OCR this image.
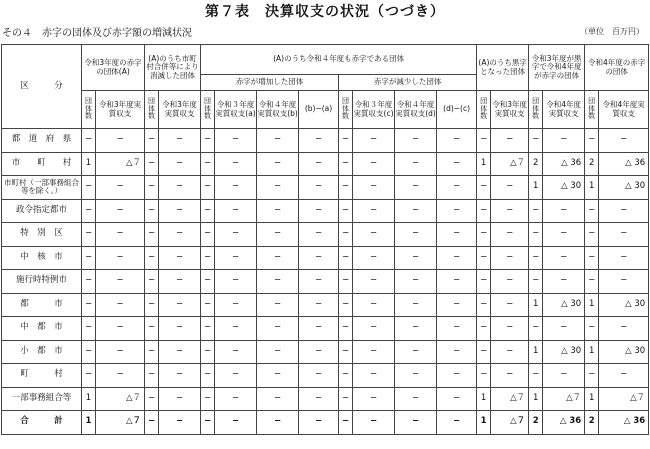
第７表　決算収支の状況（つづき）
その４　赤字の団体及び赤字額の増減状況	（単位　百万円）
区　　　分	令和3年度の赤字の団体(A)		(A)のうち市町村合併等により消滅した団体		(A)のうち令和４年度も赤字である団体								(A)のうち黒字となった団体		令和3年度が黒字で令和4年度が赤字の団体		令和4年度の赤字の団体	
					赤字が増加した団体				赤字が減少した団体									
	団体数	令和3年度実質収支	団体数	令和3年度実質収支	団体数	令和３年度実質収支(a)	令和４年度実質収支(b)	(b)−(a)	団体数	令和３年度実質収支(c)	令和４年度実質収支(d)	(d)−(c)	団体数	令和3年度実質収支	団体数	令和4年度実質収支	団体数	令和4年度実質収支
都　道　府　県	−	−	−	−	−	−	−	−	−	−	−	−	−	−	−	−	−	−
市　　町　　村	1	△７	−	−	−	−	−	−	−	−	−	−	1	△７	2	△ 36	2	△ 36
市町村（一部事務組合等を除く。）	−	−	−	−	−	−	−	−	−	−	−	−	−	−	1	△ 30	1	△ 30
政令指定都市	−	−	−	−	−	−	−	−	−	−	−	−	−	−	−	−	−	−
特　別　区	−	−	−	−	−	−	−	−	−	−	−	−	−	−	−	−	−	−
中　核　市	−	−	−	−	−	−	−	−	−	−	−	−	−	−	−	−	−	−
施行時特例市	−	−	−	−	−	−	−	−	−	−	−	−	−	−	−	−	−	−
都　　　市	−	−	−	−	−	−	−	−	−	−	−	−	−	−	1	△ 30	1	△ 30
中　都　市	−	−	−	−	−	−	−	−	−	−	−	−	−	−	−	−	−	−
小　都　市	−	−	−	−	−	−	−	−	−	−	−	−	−	−	1	△ 30	1	△ 30
町　　　村	−	−	−	−	−	−	−	−	−	−	−	−	−	−	−	−	−	−
一部事務組合等	1	△７	−	−	−	−	−	−	−	−	−	−	1	△７	1	△７	1	△７
合　　　計	1	△７	−	−	−	−	−	−	−	−	−	−	1	△７	2	△ 36	2	△ 36
